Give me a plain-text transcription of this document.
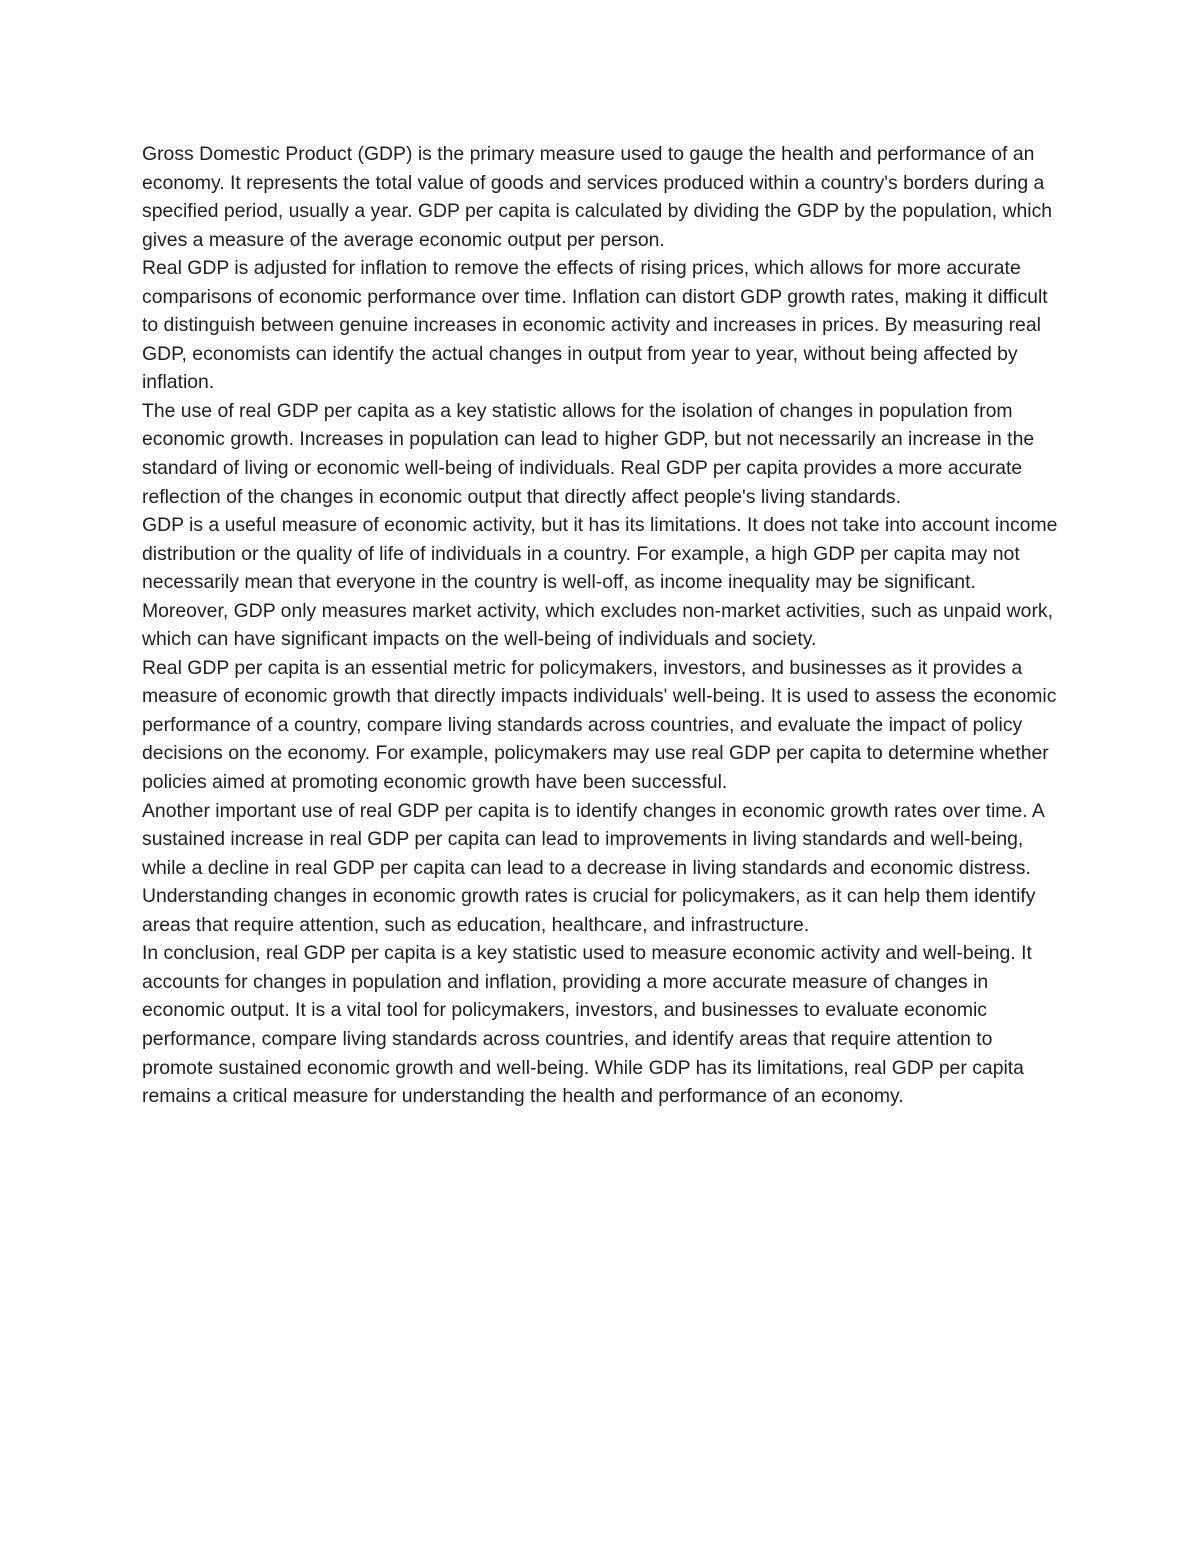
Gross Domestic Product (GDP) is the primary measure used to gauge the health and performance of an economy. It represents the total value of goods and services produced within a country's borders during a specified period, usually a year. GDP per capita is calculated by dividing the GDP by the population, which gives a measure of the average economic output per person.

Real GDP is adjusted for inflation to remove the effects of rising prices, which allows for more accurate comparisons of economic performance over time. Inflation can distort GDP growth rates, making it difficult to distinguish between genuine increases in economic activity and increases in prices. By measuring real GDP, economists can identify the actual changes in output from year to year, without being affected by inflation.

The use of real GDP per capita as a key statistic allows for the isolation of changes in population from economic growth. Increases in population can lead to higher GDP, but not necessarily an increase in the standard of living or economic well-being of individuals. Real GDP per capita provides a more accurate reflection of the changes in economic output that directly affect people's living standards.

GDP is a useful measure of economic activity, but it has its limitations. It does not take into account income distribution or the quality of life of individuals in a country. For example, a high GDP per capita may not necessarily mean that everyone in the country is well-off, as income inequality may be significant. Moreover, GDP only measures market activity, which excludes non-market activities, such as unpaid work, which can have significant impacts on the well-being of individuals and society.

Real GDP per capita is an essential metric for policymakers, investors, and businesses as it provides a measure of economic growth that directly impacts individuals' well-being. It is used to assess the economic performance of a country, compare living standards across countries, and evaluate the impact of policy decisions on the economy. For example, policymakers may use real GDP per capita to determine whether policies aimed at promoting economic growth have been successful.

Another important use of real GDP per capita is to identify changes in economic growth rates over time. A sustained increase in real GDP per capita can lead to improvements in living standards and well-being, while a decline in real GDP per capita can lead to a decrease in living standards and economic distress. Understanding changes in economic growth rates is crucial for policymakers, as it can help them identify areas that require attention, such as education, healthcare, and infrastructure.

In conclusion, real GDP per capita is a key statistic used to measure economic activity and well-being. It accounts for changes in population and inflation, providing a more accurate measure of changes in economic output. It is a vital tool for policymakers, investors, and businesses to evaluate economic performance, compare living standards across countries, and identify areas that require attention to promote sustained economic growth and well-being. While GDP has its limitations, real GDP per capita remains a critical measure for understanding the health and performance of an economy.
